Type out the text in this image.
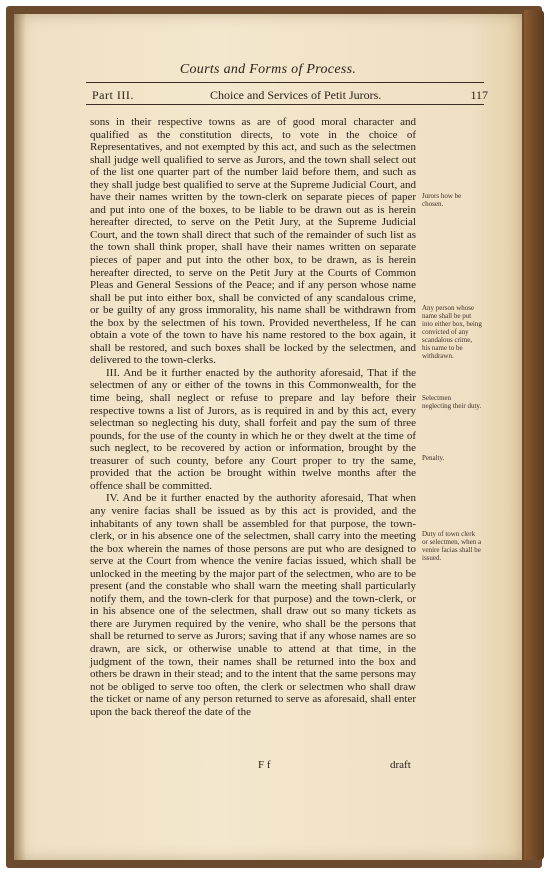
Courts and Forms of Process.
Part III.	Choice and Services of Petit Jurors.	117

sons in their respective towns as are of good moral character and qualified as the constitution directs, to vote in the choice of Representatives, and not exempted by this act, and such as the selectmen shall judge well qualified to serve as Jurors, and the town shall select out of the list one quarter part of the number laid before them, and such as they shall judge best qualified to serve at the Supreme Judicial Court, and have their names written by the town-clerk on separate pieces of paper and put into one of the boxes, to be liable to be drawn out as is herein hereafter directed, to serve on the Petit Jury, at the Supreme Judicial Court, and the town shall direct that such of the remainder of such list as the town shall think proper, shall have their names written on separate pieces of paper and put into the other box, to be drawn, as is herein hereafter directed, to serve on the Petit Jury at the Courts of Common Pleas and General Sessions of the Peace; and if any person whose name shall be put into either box, shall be convicted of any scandalous crime, or be guilty of any gross immorality, his name shall be withdrawn from the box by the selectmen of his town. Provided nevertheless, If he can obtain a vote of the town to have his name restored to the box again, it shall be restored, and such boxes shall be locked by the selectmen, and delivered to the town-clerks.

III. And be it further enacted by the authority aforesaid, That if the selectmen of any or either of the towns in this Commonwealth, for the time being, shall neglect or refuse to prepare and lay before their respective towns a list of Jurors, as is required in and by this act, every selectman so neglecting his duty, shall forfeit and pay the sum of three pounds, for the use of the county in which he or they dwelt at the time of such neglect, to be recovered by action or information, brought by the treasurer of such county, before any Court proper to try the same, provided that the action be brought within twelve months after the offence shall be committed.

IV. And be it further enacted by the authority aforesaid, That when any venire facias shall be issued as by this act is provided, and the inhabitants of any town shall be assembled for that purpose, the town-clerk, or in his absence one of the selectmen, shall carry into the meeting the box wherein the names of those persons are put who are designed to serve at the Court from whence the venire facias issued, which shall be unlocked in the meeting by the major part of the selectmen, who are to be present (and the constable who shall warn the meeting shall particularly notify them, and the town-clerk for that purpose) and the town-clerk, or in his absence one of the selectmen, shall draw out so many tickets as there are Jurymen required by the venire, who shall be the persons that shall be returned to serve as Jurors; saving that if any whose names are so drawn, are sick, or otherwise unable to attend at that time, in the judgment of the town, their names shall be returned into the box and others be drawn in their stead; and to the intent that the same persons may not be obliged to serve too often, the clerk or selectmen who shall draw the ticket or name of any person returned to serve as aforesaid, shall enter upon the back thereof the date of the

Jurors how be chosen.
Any person whose name shall be put into either box, being convicted of any scandalous crime, his name to be withdrawn.
Selectmen neglecting their duty.
Penalty.
Duty of town clerk or selectmen, when a venire facias shall be issued.
F f	draft
